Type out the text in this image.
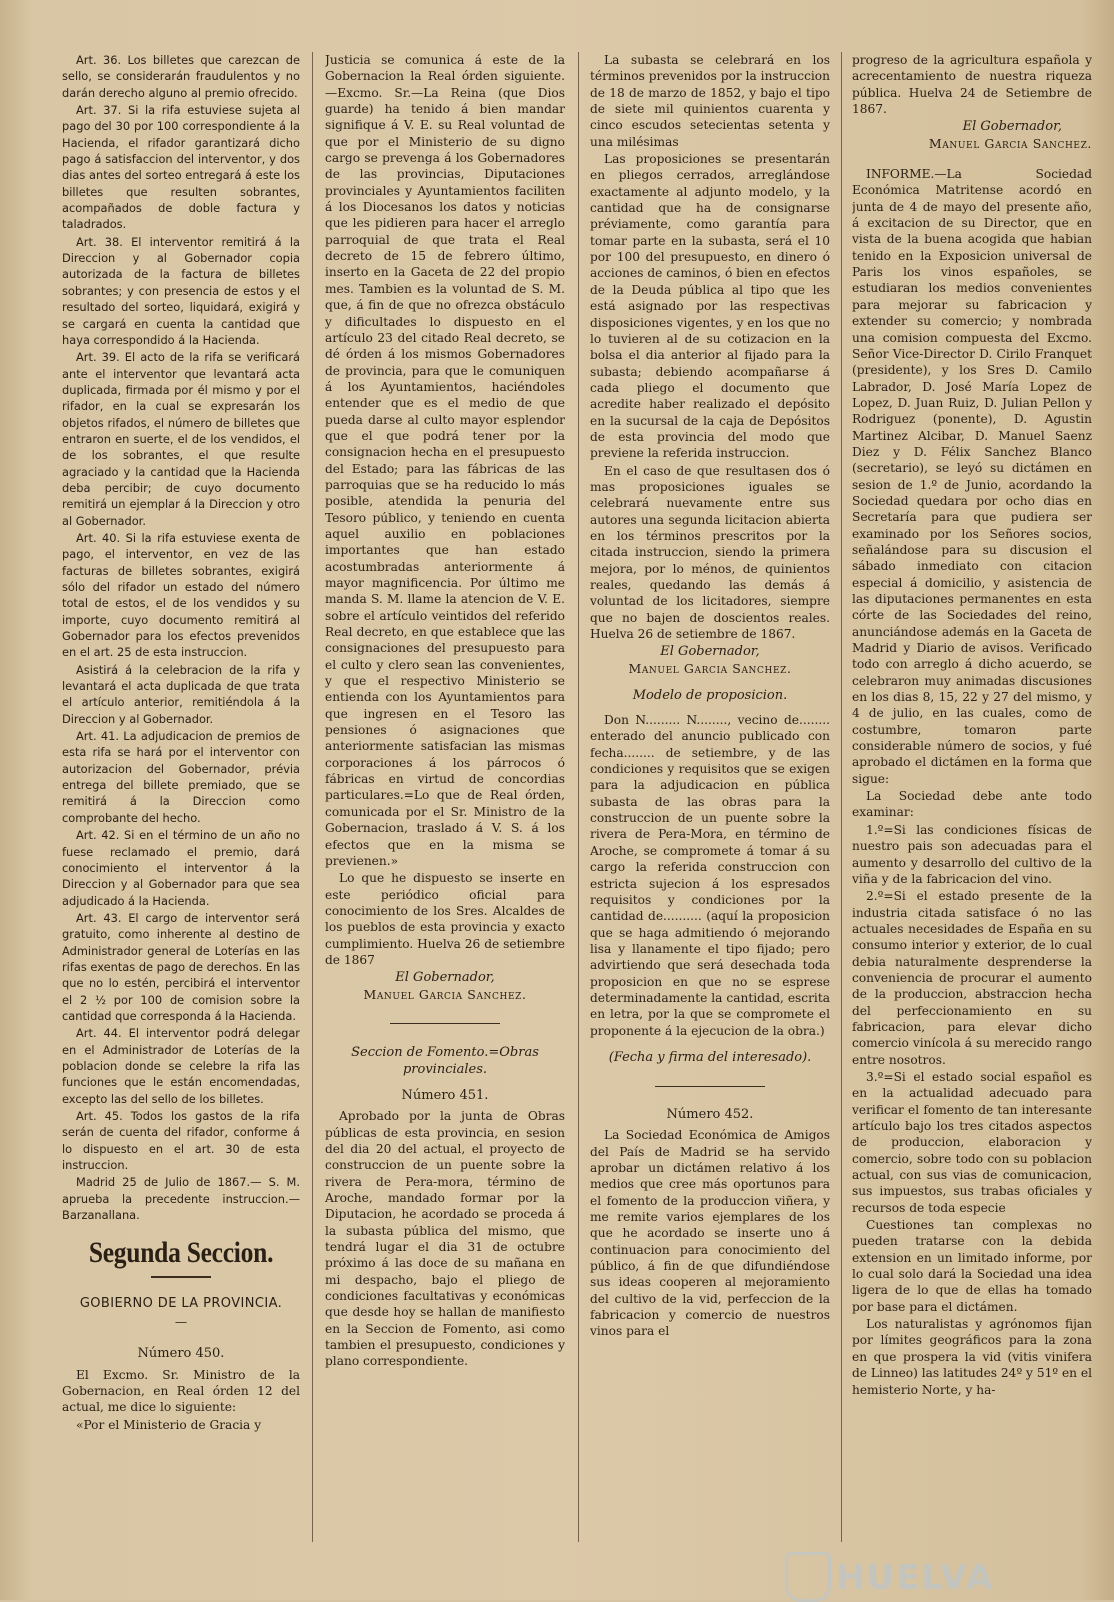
Art. 36. Los billetes que carezcan de sello, se considerarán fraudulentos y no darán derecho alguno al premio ofrecido.

Art. 37. Si la rifa estuviese sujeta al pago del 30 por 100 correspondiente á la Hacienda, el rifador garantizará dicho pago á satisfaccion del interventor, y dos dias antes del sorteo entregará á este los billetes que resulten sobrantes, acompañados de doble factura y taladrados.

Art. 38. El interventor remitirá á la Direccion y al Gobernador copia autorizada de la factura de billetes sobrantes; y con presencia de estos y el resultado del sorteo, liquidará, exigirá y se cargará en cuenta la cantidad que haya correspondido á la Hacienda.

Art. 39. El acto de la rifa se verificará ante el interventor que levantará acta duplicada, firmada por él mismo y por el rifador, en la cual se expresarán los objetos rifados, el número de billetes que entraron en suerte, el de los vendidos, el de los sobrantes, el que resulte agraciado y la cantidad que la Hacienda deba percibir; de cuyo documento remitirá un ejemplar á la Direccion y otro al Gobernador.

Art. 40. Si la rifa estuviese exenta de pago, el interventor, en vez de las facturas de billetes sobrantes, exigirá sólo del rifador un estado del número total de estos, el de los vendidos y su importe, cuyo documento remitirá al Gobernador para los efectos prevenidos en el art. 25 de esta instruccion.

Asistirá á la celebracion de la rifa y levantará el acta duplicada de que trata el artículo anterior, remitiéndola á la Direccion y al Gobernador.

Art. 41. La adjudicacion de premios de esta rifa se hará por el interventor con autorizacion del Gobernador, prévia entrega del billete premiado, que se remitirá á la Direccion como comprobante del hecho.

Art. 42. Si en el término de un año no fuese reclamado el premio, dará conocimiento el interventor á la Direccion y al Gobernador para que sea adjudicado á la Hacienda.

Art. 43. El cargo de interventor será gratuito, como inherente al destino de Administrador general de Loterías en las rifas exentas de pago de derechos. En las que no lo estén, percibirá el interventor el 2 ½ por 100 de comision sobre la cantidad que corresponda á la Hacienda.

Art. 44. El interventor podrá delegar en el Administrador de Loterías de la poblacion donde se celebre la rifa las funciones que le están encomendadas, excepto las del sello de los billetes.

Art. 45. Todos los gastos de la rifa serán de cuenta del rifador, conforme á lo dispuesto en el art. 30 de esta instruccion.

Madrid 25 de Julio de 1867.— S. M. aprueba la precedente instruccion.—Barzanallana.

Segunda Seccion.
GOBIERNO DE LA PROVINCIA.
—
Número 450.

El Excmo. Sr. Ministro de la Gobernacion, en Real órden 12 del actual, me dice lo siguiente:

«Por el Ministerio de Gracia y

Justicia se comunica á este de la Gobernacion la Real órden siguiente.—Excmo. Sr.—La Reina (que Dios guarde) ha tenido á bien mandar signifique á V. E. su Real voluntad de que por el Ministerio de su digno cargo se prevenga á los Gobernadores de las provincias, Diputaciones provinciales y Ayuntamientos faciliten á los Diocesanos los datos y noticias que les pidieren para hacer el arreglo parroquial de que trata el Real decreto de 15 de febrero último, inserto en la Gaceta de 22 del propio mes. Tambien es la voluntad de S. M. que, á fin de que no ofrezca obstáculo y dificultades lo dispuesto en el artículo 23 del citado Real decreto, se dé órden á los mismos Gobernadores de provincia, para que le comuniquen á los Ayuntamientos, haciéndoles entender que es el medio de que pueda darse al culto mayor esplendor que el que podrá tener por la consignacion hecha en el presupuesto del Estado; para las fábricas de las parroquias que se ha reducido lo más posible, atendida la penuria del Tesoro público, y teniendo en cuenta aquel auxilio en poblaciones importantes que han estado acostumbradas anteriormente á mayor magnificencia. Por último me manda S. M. llame la atencion de V. E. sobre el artículo veintidos del referido Real decreto, en que establece que las consignaciones del presupuesto para el culto y clero sean las convenientes, y que el respectivo Ministerio se entienda con los Ayuntamientos para que ingresen en el Tesoro las pensiones ó asignaciones que anteriormente satisfacian las mismas corporaciones á los párrocos ó fábricas en virtud de concordias particulares.=Lo que de Real órden, comunicada por el Sr. Ministro de la Gobernacion, traslado á V. S. á los efectos que en la misma se previenen.»

Lo que he dispuesto se inserte en este periódico oficial para conocimiento de los Sres. Alcaldes de los pueblos de esta provincia y exacto cumplimiento. Huelva 26 de setiembre de 1867

El Gobernador,
Manuel Garcia Sanchez.
Seccion de Fomento.=Obras provinciales.
Número 451.

Aprobado por la junta de Obras públicas de esta provincia, en sesion del dia 20 del actual, el proyecto de construccion de un puente sobre la rivera de Pera-mora, término de Aroche, mandado formar por la Diputacion, he acordado se proceda á la subasta pública del mismo, que tendrá lugar el dia 31 de octubre próximo á las doce de su mañana en mi despacho, bajo el pliego de condiciones facultativas y económicas que desde hoy se hallan de manifiesto en la Seccion de Fomento, asi como tambien el presupuesto, condiciones y plano correspondiente.

La subasta se celebrará en los términos prevenidos por la instruccion de 18 de marzo de 1852, y bajo el tipo de siete mil quinientos cuarenta y cinco escudos setecientas setenta y una milésimas

Las proposiciones se presentarán en pliegos cerrados, arreglándose exactamente al adjunto modelo, y la cantidad que ha de consignarse préviamente, como garantía para tomar parte en la subasta, será el 10 por 100 del presupuesto, en dinero ó acciones de caminos, ó bien en efectos de la Deuda pública al tipo que les está asignado por las respectivas disposiciones vigentes, y en los que no lo tuvieren al de su cotizacion en la bolsa el dia anterior al fijado para la subasta; debiendo acompañarse á cada pliego el documento que acredite haber realizado el depósito en la sucursal de la caja de Depósitos de esta provincia del modo que previene la referida instruccion.

En el caso de que resultasen dos ó mas proposiciones iguales se celebrará nuevamente entre sus autores una segunda licitacion abierta en los términos prescritos por la citada instruccion, siendo la primera mejora, por lo ménos, de quinientos reales, quedando las demás á voluntad de los licitadores, siempre que no bajen de doscientos reales. Huelva 26 de setiembre de 1867.

El Gobernador,
Manuel Garcia Sanchez.
Modelo de proposicion.

Don N......... N........, vecino de........ enterado del anuncio publicado con fecha........ de setiembre, y de las condiciones y requisitos que se exigen para la adjudicacion en pública subasta de las obras para la construccion de un puente sobre la rivera de Pera-Mora, en término de Aroche, se compromete á tomar á su cargo la referida construccion con estricta sujecion á los espresados requisitos y condiciones por la cantidad de.......... (aquí la proposicion que se haga admitiendo ó mejorando lisa y llanamente el tipo fijado; pero advirtiendo que será desechada toda proposicion en que no se esprese determinadamente la cantidad, escrita en letra, por la que se compromete el proponente á la ejecucion de la obra.)

(Fecha y firma del interesado).
Número 452.

La Sociedad Económica de Amigos del País de Madrid se ha servido aprobar un dictámen relativo á los medios que cree más oportunos para el fomento de la produccion viñera, y me remite varios ejemplares de los que he acordado se inserte uno á continuacion para conocimiento del público, á fin de que difundiéndose sus ideas cooperen al mejoramiento del cultivo de la vid, perfeccion de la fabricacion y comercio de nuestros vinos para el

progreso de la agricultura española y acrecentamiento de nuestra riqueza pública. Huelva 24 de Setiembre de 1867.

El Gobernador,
Manuel Garcia Sanchez.

INFORME.—La Sociedad Económica Matritense acordó en junta de 4 de mayo del presente año, á excitacion de su Director, que en vista de la buena acogida que habian tenido en la Exposicion universal de Paris los vinos españoles, se estudiaran los medios convenientes para mejorar su fabricacion y extender su comercio; y nombrada una comision compuesta del Excmo. Señor Vice-Director D. Cirilo Franquet (presidente), y los Sres D. Camilo Labrador, D. José María Lopez de Lopez, D. Juan Ruiz, D. Julian Pellon y Rodriguez (ponente), D. Agustin Martinez Alcibar, D. Manuel Saenz Diez y D. Félix Sanchez Blanco (secretario), se leyó su dictámen en sesion de 1.º de Junio, acordando la Sociedad quedara por ocho dias en Secretaría para que pudiera ser examinado por los Señores socios, señalándose para su discusion el sábado inmediato con citacion especial á domicilio, y asistencia de las diputaciones permanentes en esta córte de las Sociedades del reino, anunciándose además en la Gaceta de Madrid y Diario de avisos. Verificado todo con arreglo á dicho acuerdo, se celebraron muy animadas discusiones en los dias 8, 15, 22 y 27 del mismo, y 4 de julio, en las cuales, como de costumbre, tomaron parte considerable número de socios, y fué aprobado el dictámen en la forma que sigue:

La Sociedad debe ante todo examinar:

1.º=Si las condiciones físicas de nuestro pais son adecuadas para el aumento y desarrollo del cultivo de la viña y de la fabricacion del vino.

2.º=Si el estado presente de la industria citada satisface ó no las actuales necesidades de España en su consumo interior y exterior, de lo cual debia naturalmente desprenderse la conveniencia de procurar el aumento de la produccion, abstraccion hecha del perfeccionamiento en su fabricacion, para elevar dicho comercio vinícola á su merecido rango entre nosotros.

3.º=Si el estado social español es en la actualidad adecuado para verificar el fomento de tan interesante artículo bajo los tres citados aspectos de produccion, elaboracion y comercio, sobre todo con su poblacion actual, con sus vias de comunicacion, sus impuestos, sus trabas oficiales y recursos de toda especie

Cuestiones tan complexas no pueden tratarse con la debida extension en un limitado informe, por lo cual solo dará la Sociedad una idea ligera de lo que de ellas ha tomado por base para el dictámen.

Los naturalistas y agrónomos fijan por límites geográficos para la zona en que prospera la vid (vitis vinifera de Linneo) las latitudes 24º y 51º en el hemisterio Norte, y ha-

HUELVA
